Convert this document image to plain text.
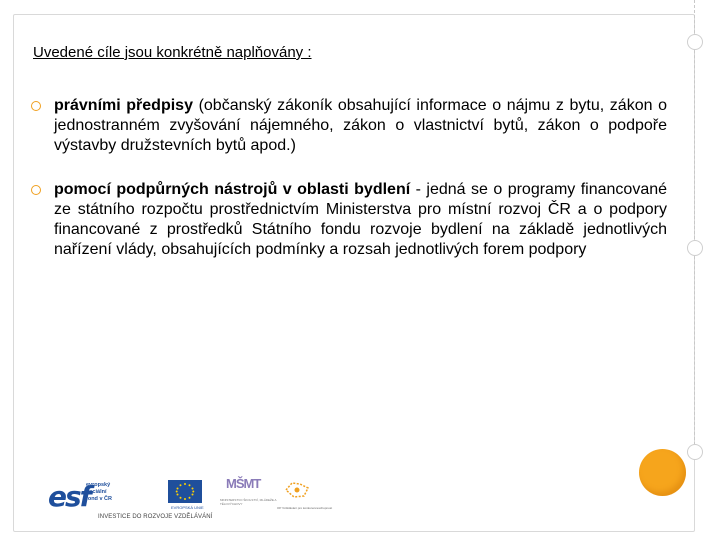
Uvedené cíle jsou konkrétně naplňovány :
právními předpisy (občanský zákoník obsahující informace o nájmu z bytu, zákon o jednostranném zvyšování nájemného, zákon o vlastnictví bytů, zákon o podpoře výstavby družstevních bytů apod.)
pomocí podpůrných nástrojů v oblasti bydlení - jedná se o programy financované ze státního rozpočtu prostřednictvím Ministerstva pro místní rozvoj ČR a o podpory financované z prostředků Státního fondu rozvoje bydlení na základě jednotlivých nařízení vlády, obsahujících podmínky a rozsah jednotlivých forem podpory
esf
evropský
sociální
fond v ČR
EVROPSKÁ UNIE
MŠMT
MINISTERSTVO ŠKOLSTVÍ, MLÁDEŽE A TĚLOVÝCHOVY
OP Vzdělávání pro konkurenceschopnost
INVESTICE DO ROZVOJE VZDĚLÁVÁNÍ
